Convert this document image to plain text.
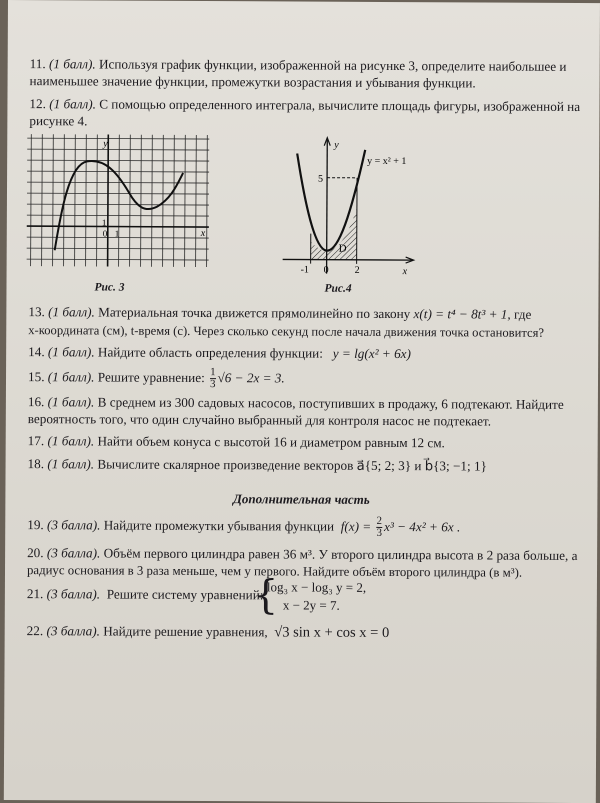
11. (1 балл). Используя график функции, изображенной на рисунке 3, определите наибольшее и
наименьшее значение функции, промежутки возрастания и убывания функции.
12. (1 балл). С помощью определенного интеграла, вычислите площадь фигуры, изображенной на
рисунке 4.
y
x
0 1
1
Рис. 3
y
y = x² + 1
5
D
-1 0	2	x
Рис.4
13. (1 балл). Материальная точка движется прямолинейно по закону x(t) = t⁴ − 8t³ + 1, где
x-координата (см), t-время (с). Через сколько секунд после начала движения точка остановится?
14. (1 балл). Найдите область определения функции: y = lg(x² + 6x)
15. (1 балл). Решите уравнение: $\frac{1}{3} √6 - 2x = 3$.
16. (1 балл). В среднем из 300 садовых насосов, поступивших в продажу, 6 подтекают. Найдите
вероятность того, что один случайно выбранный для контроля насос не подтекает.
17. (1 балл). Найти объем конуса с высотой 16 и диаметром равным 12 см.
18. (1 балл). Вычислите скалярное произведение векторов a⃗{5; 2; 3} и b⃗{3; −1; 1}
Дополнительная часть
19. (3 балла). Найдите промежутки убывания функции $f(x) = \frac{2}{3} x^3 - 4x^2 + 6x$ .
20. (3 балла). Объём первого цилиндра равен 36 м³. У второго цилиндра высота в 2 раза больше, а
радиус основания в 3 раза меньше, чем у первого. Найдите объём второго цилиндра (в м³).
21. (3 балла). Решите систему уравнений:
{
log₃ x − log₃ y = 2,
x − 2y = 7.
22. (3 балла). Найдите решение уравнения, √3 sin x + cos x = 0
